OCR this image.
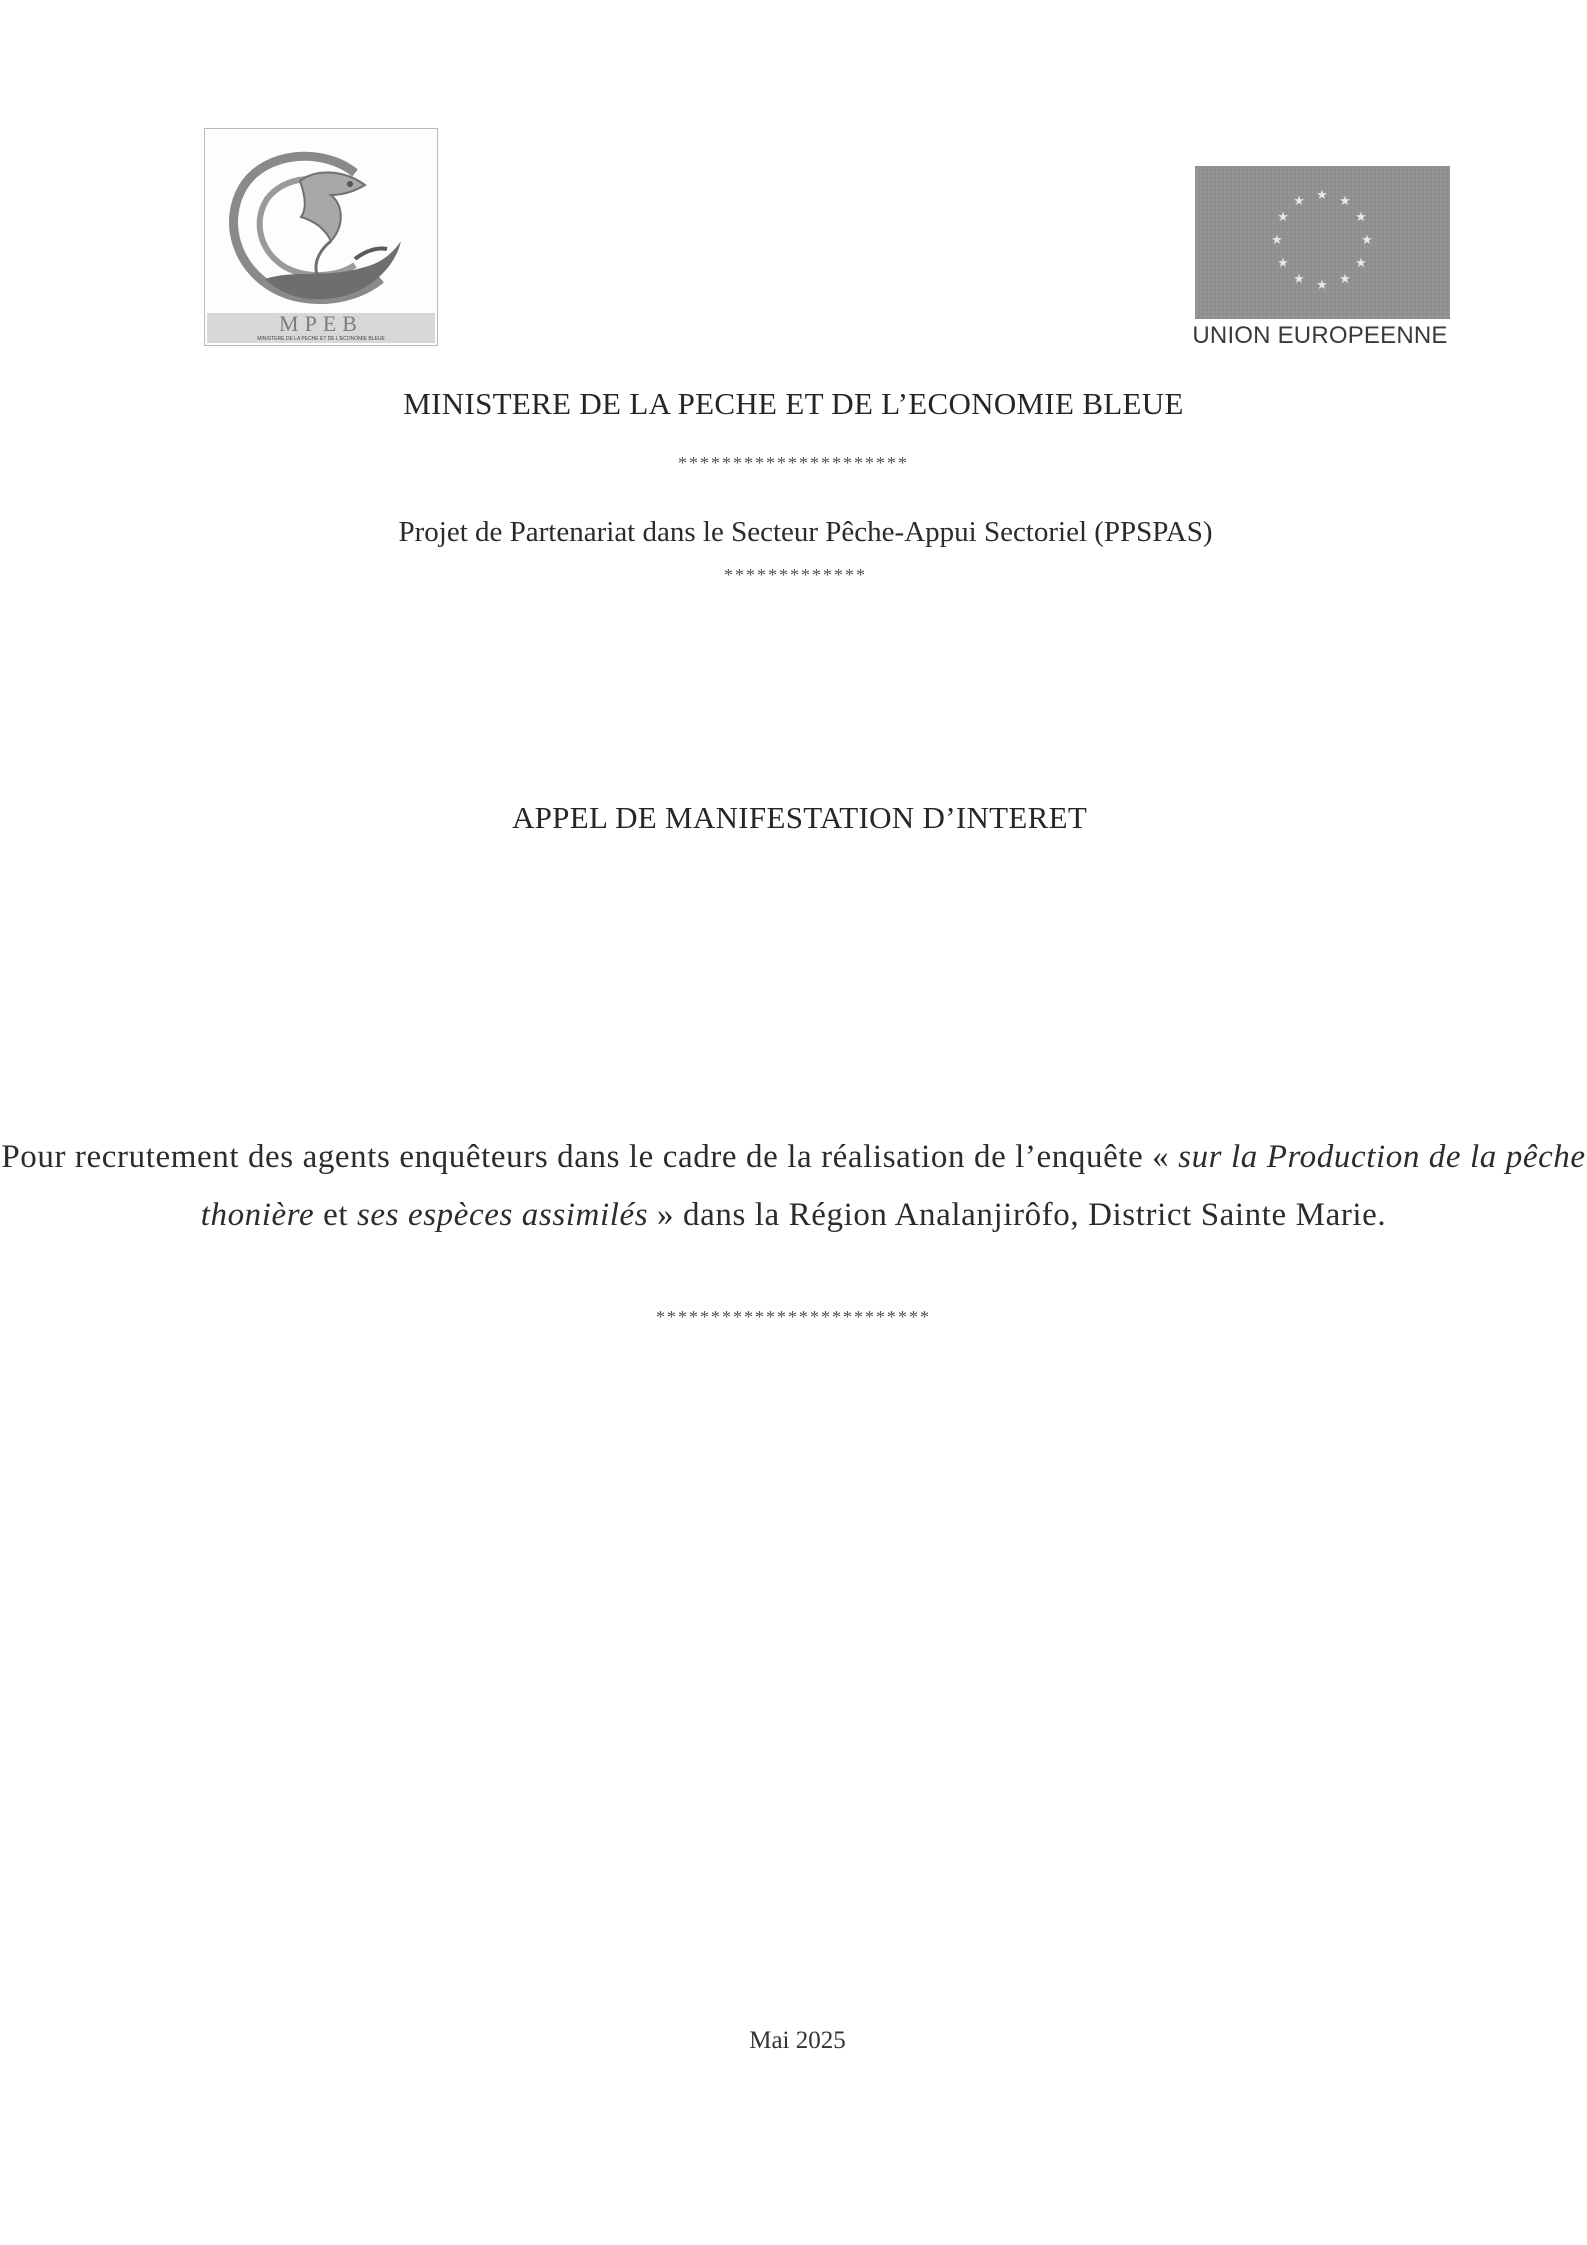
MPEB
MINISTERE DE LA PECHE ET DE L'ECONOMIE BLEUE
★ ★
★
★
★
★
★
★
★
★
★
★
UNION EUROPEENNE
MINISTERE DE LA PECHE ET DE L’ECONOMIE BLEUE
*********************
Projet de Partenariat dans le Secteur Pêche-Appui Sectoriel (PPSPAS)
*************
APPEL DE MANIFESTATION D’INTERET
Pour recrutement des agents enquêteurs dans le cadre de la réalisation de l’enquête « sur la Production de la pêche thonière et ses espèces assimilés » dans la Région Analanjirôfo, District Sainte Marie.
*************************
Mai 2025
